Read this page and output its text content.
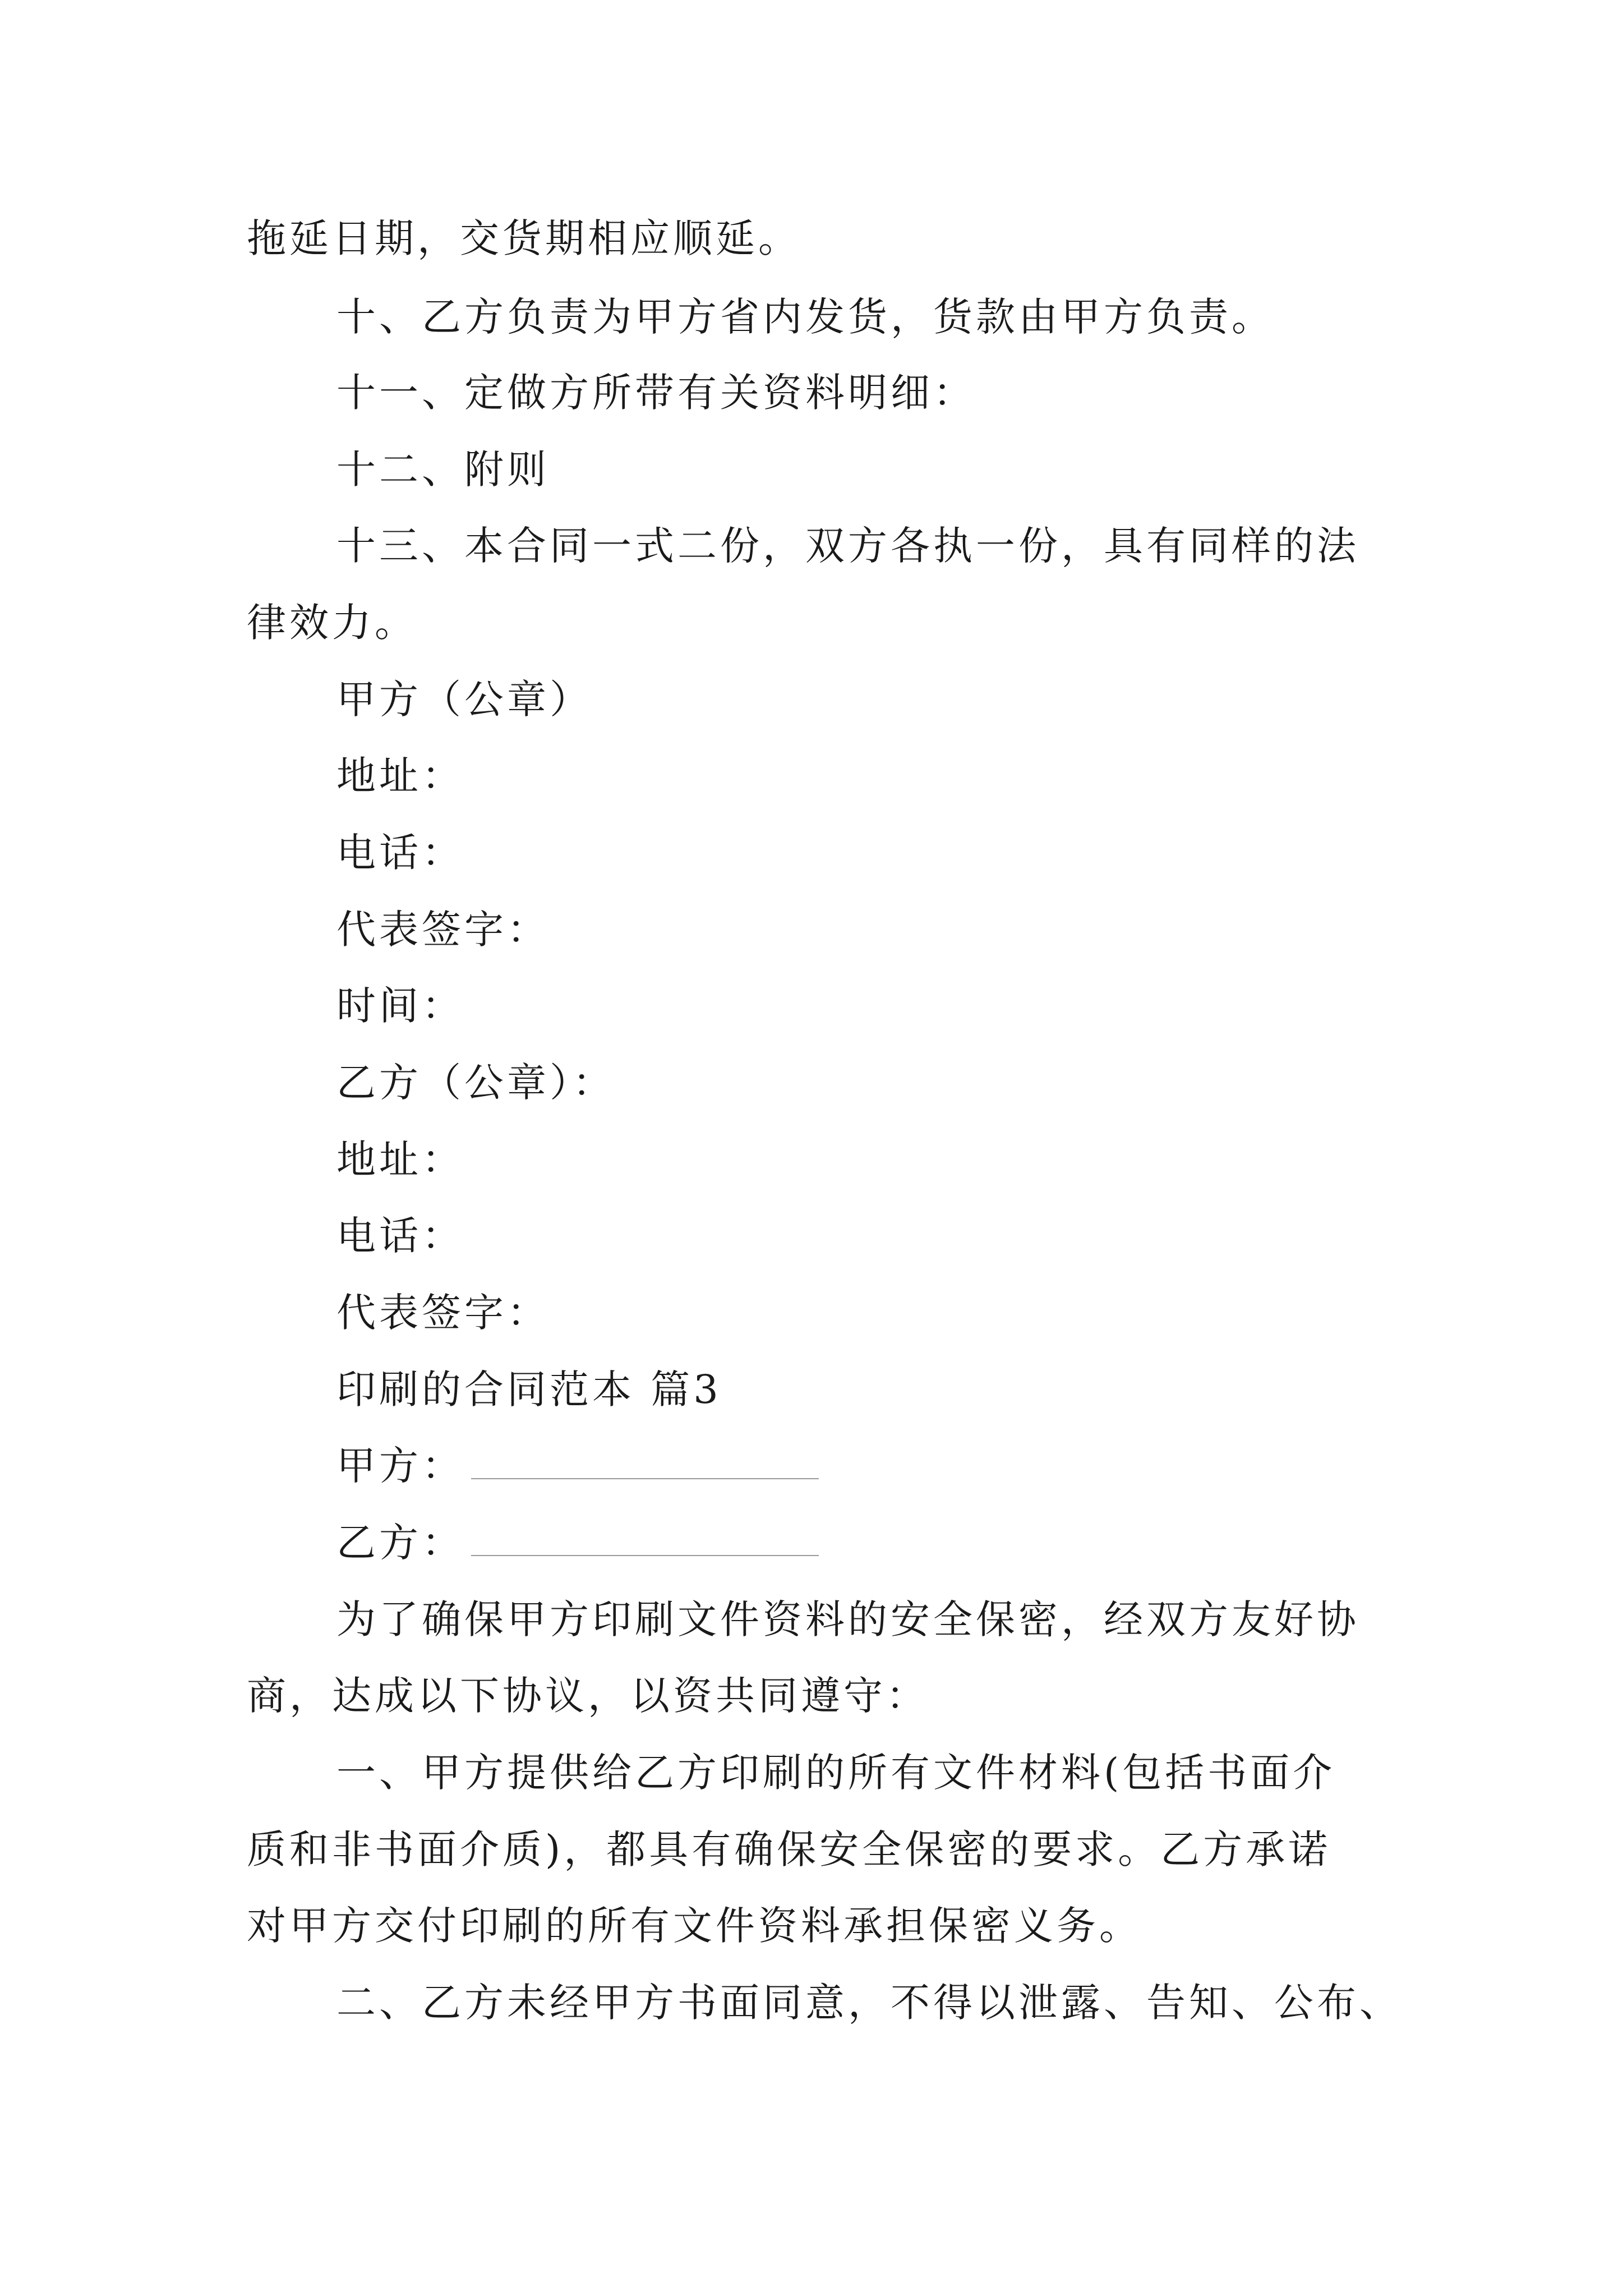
拖延日期，交货期相应顺延。
十、乙方负责为甲方省内发货，货款由甲方负责。
十一、定做方所带有关资料明细：
十二、附则
十三、本合同一式二份，双方各执一份，具有同样的法
律效力。
甲方（公章）
地址：
电话：
代表签字：
时间：
乙方（公章）：
地址：
电话：
代表签字：
印刷的合同范本 篇3
甲方：
乙方：
为了确保甲方印刷文件资料的安全保密，经双方友好协
商，达成以下协议，以资共同遵守：
一、甲方提供给乙方印刷的所有文件材料(包括书面介
质和非书面介质)，都具有确保安全保密的要求。乙方承诺
对甲方交付印刷的所有文件资料承担保密义务。
二、乙方未经甲方书面同意，不得以泄露、告知、公布、
